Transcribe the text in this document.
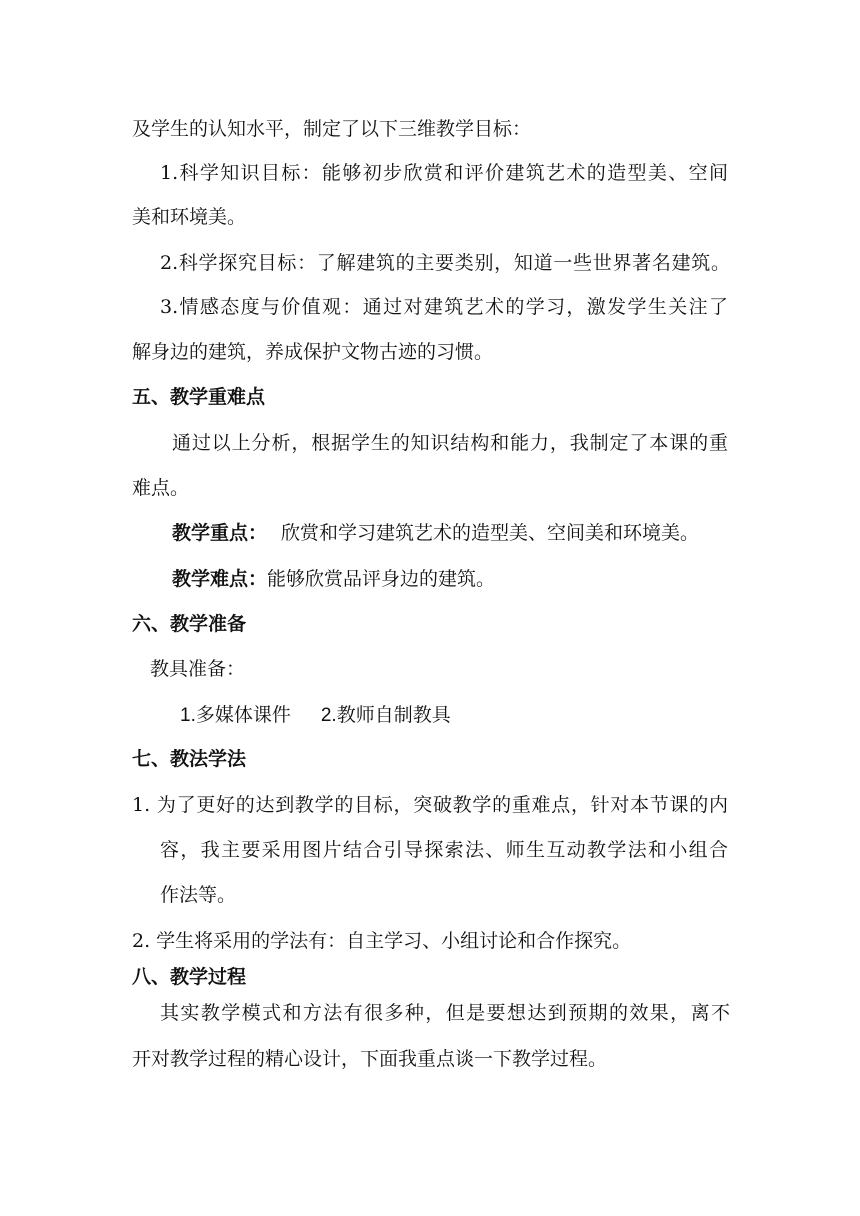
及学生的认知水平，制定了以下三维教学目标：
1.科学知识目标：能够初步欣赏和评价建筑艺术的造型美、空间
美和环境美。
2.科学探究目标：了解建筑的主要类别，知道一些世界著名建筑。
3.情感态度与价值观：通过对建筑艺术的学习，激发学生关注了
解身边的建筑，养成保护文物古迹的习惯。
五、教学重难点
通过以上分析，根据学生的知识结构和能力，我制定了本课的重
难点。
教学重点： 欣赏和学习建筑艺术的造型美、空间美和环境美。
教学难点：能够欣赏品评身边的建筑。
六、教学准备
教具准备：
1.多媒体课件 2.教师自制教具
七、教法学法
1. 为了更好的达到教学的目标，突破教学的重难点，针对本节课的内
容，我主要采用图片结合引导探索法、师生互动教学法和小组合
作法等。
2. 学生将采用的学法有：自主学习、小组讨论和合作探究。
八、教学过程
其实教学模式和方法有很多种，但是要想达到预期的效果，离不
开对教学过程的精心设计，下面我重点谈一下教学过程。
